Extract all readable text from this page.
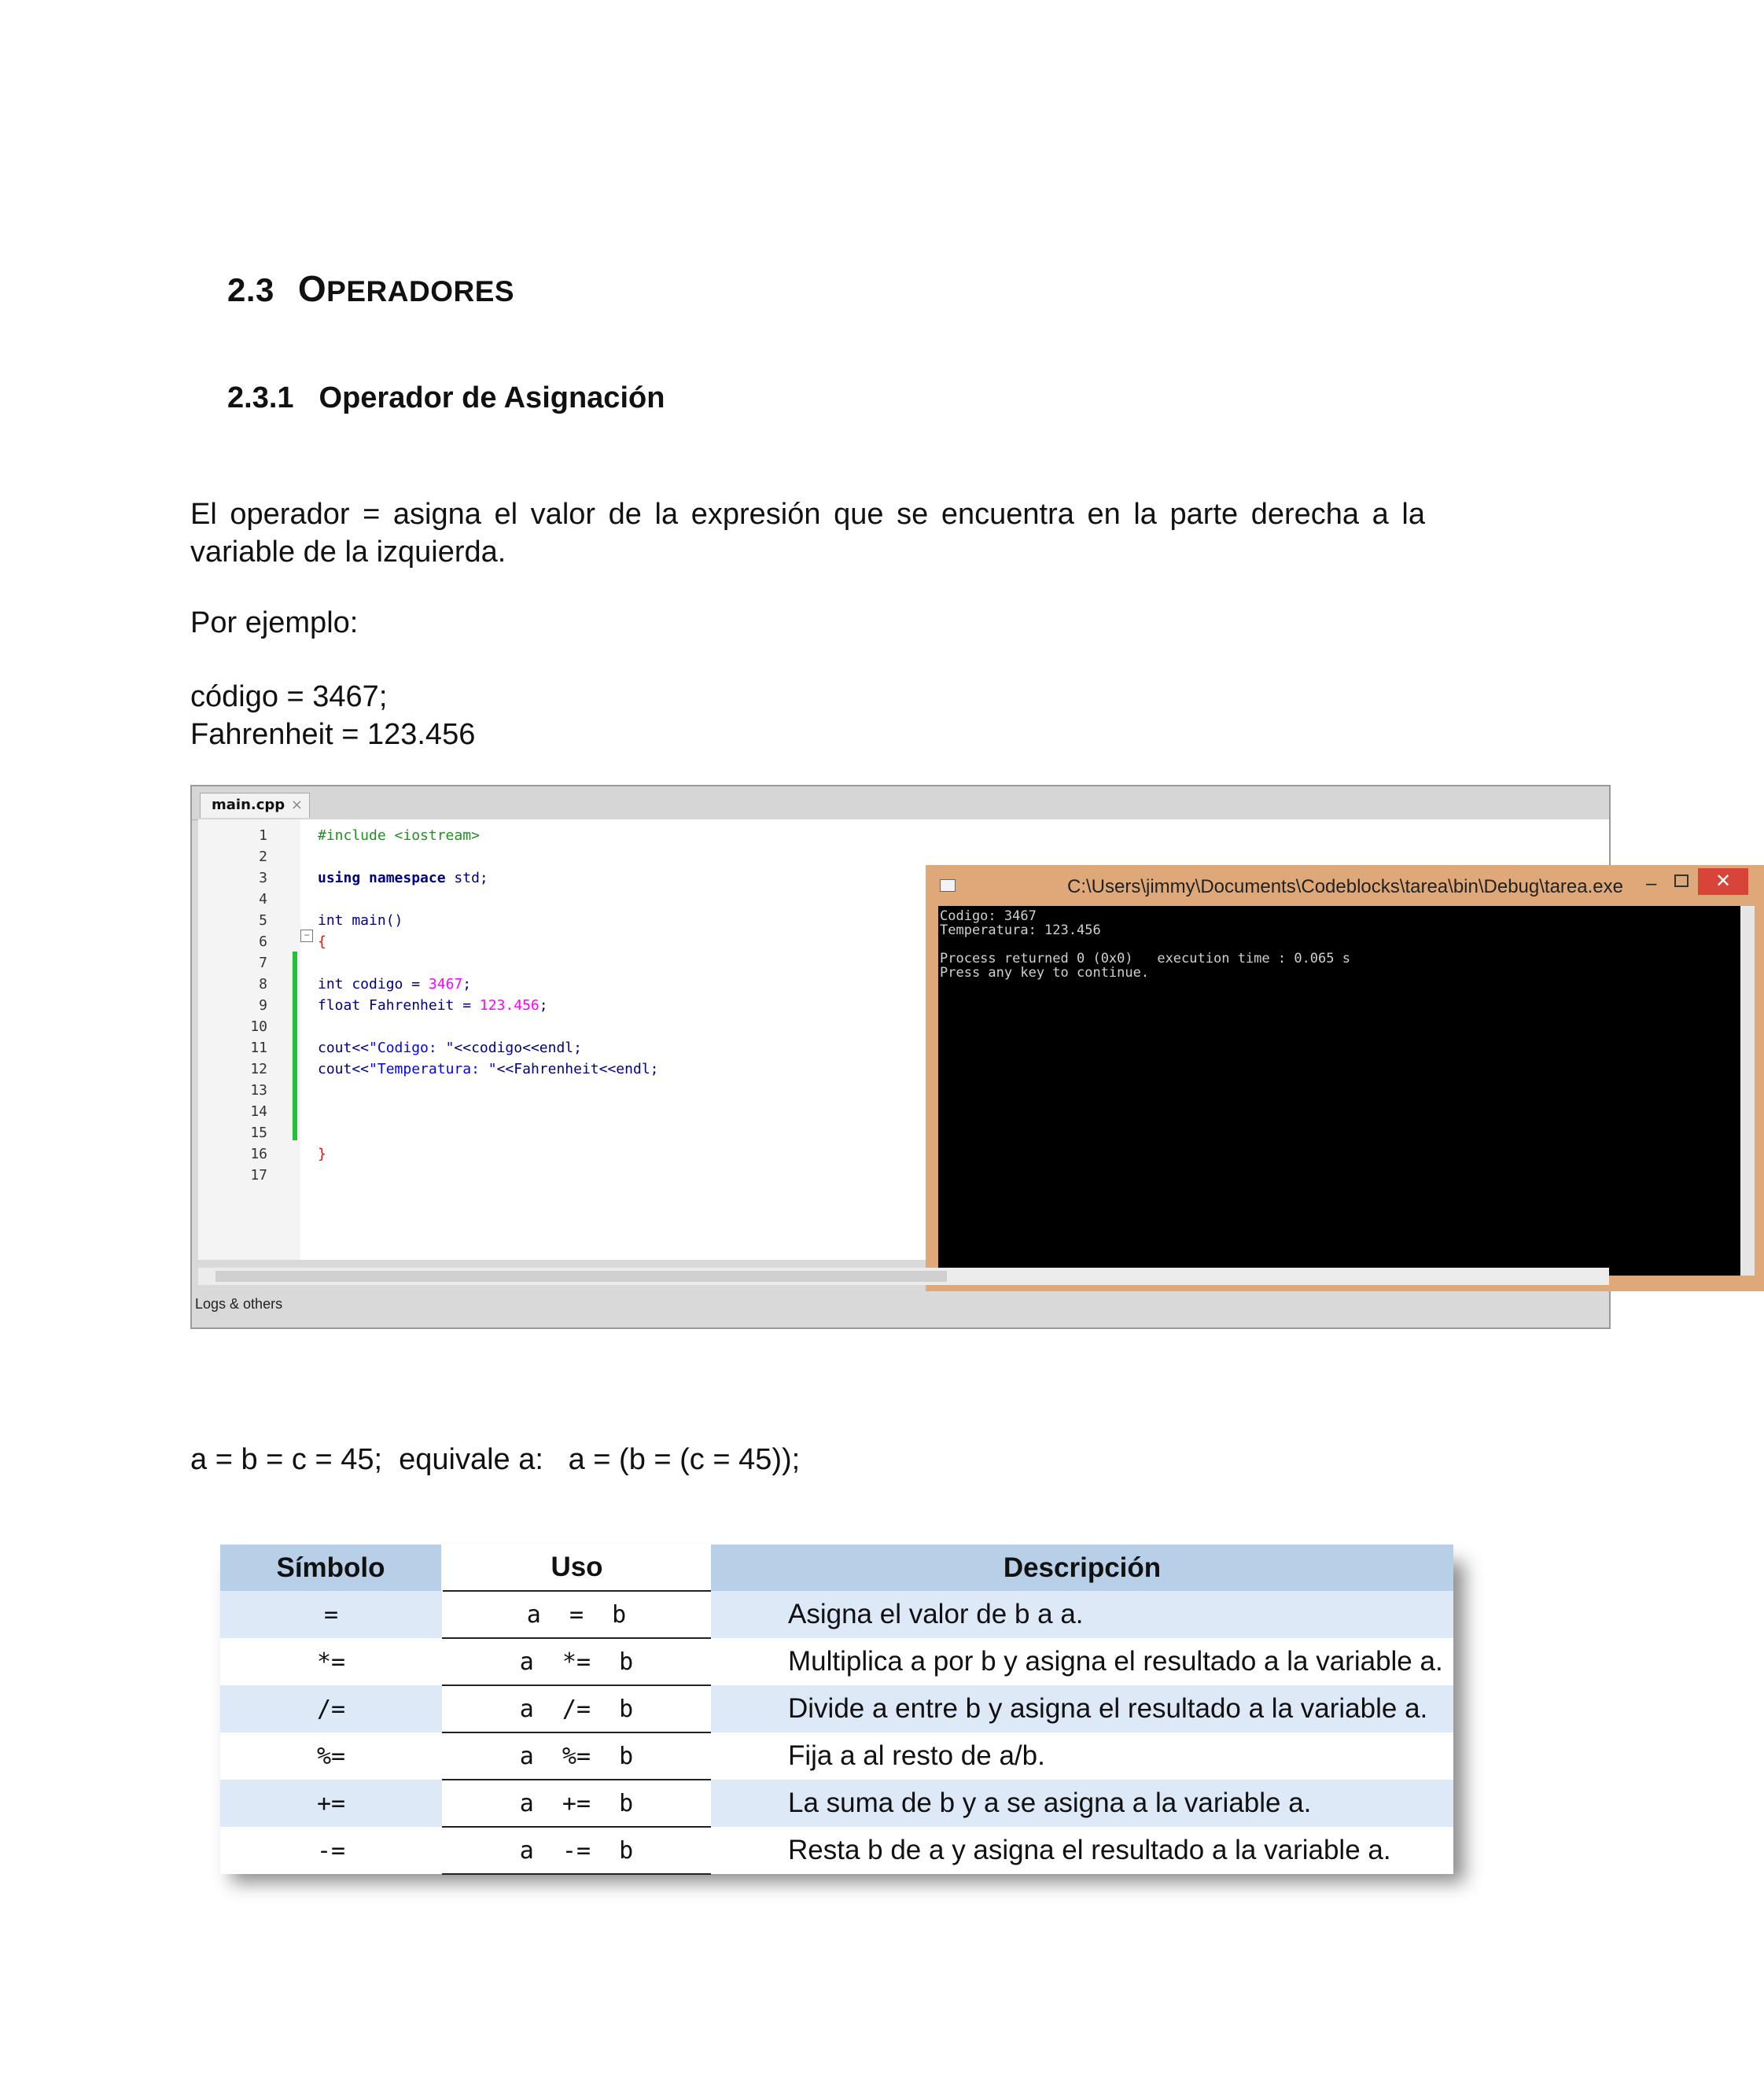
2.3 OPERADORES
2.3.1 Operador de Asignación
El operador = asigna el valor de la expresión que se encuentra en la parte derecha a la variable de la izquierda.
Por ejemplo:
código = 3467;
Fahrenheit = 123.456
main.cpp ×
1
2
3
4
5
6
7
8
9
10
11
12
13
14
15
16
17
−
#include <iostream>
using namespace std;
int main()
{
int codigo = 3467;
float Fahrenheit = 123.456;
cout<<"Codigo: "<<codigo<<endl;
cout<<"Temperatura: "<<Fahrenheit<<endl;
}
C:\Users\jimmy\Documents\Codeblocks\tarea\bin\Debug\tarea.exe –	✕
Codigo: 3467
Temperatura: 123.456
Process returned 0 (0x0)   execution time : 0.065 s
Press any key to continue.
Logs & others
a = b = c = 45;  equivale a:   a = (b = (c = 45));
Símbolo	Uso	Descripción
=	a  =  b	Asigna el valor de b a a.
*=	a  *=  b	Multiplica a por b y asigna el resultado a la variable a.
/=	a  /=  b	Divide a entre b y asigna el resultado a la variable a.
%=	a  %=  b	Fija a al resto de a/b.
+=	a  +=  b	La suma de b y a se asigna a la variable a.
-=	a  -=  b	Resta b de a y asigna el resultado a la variable a.
